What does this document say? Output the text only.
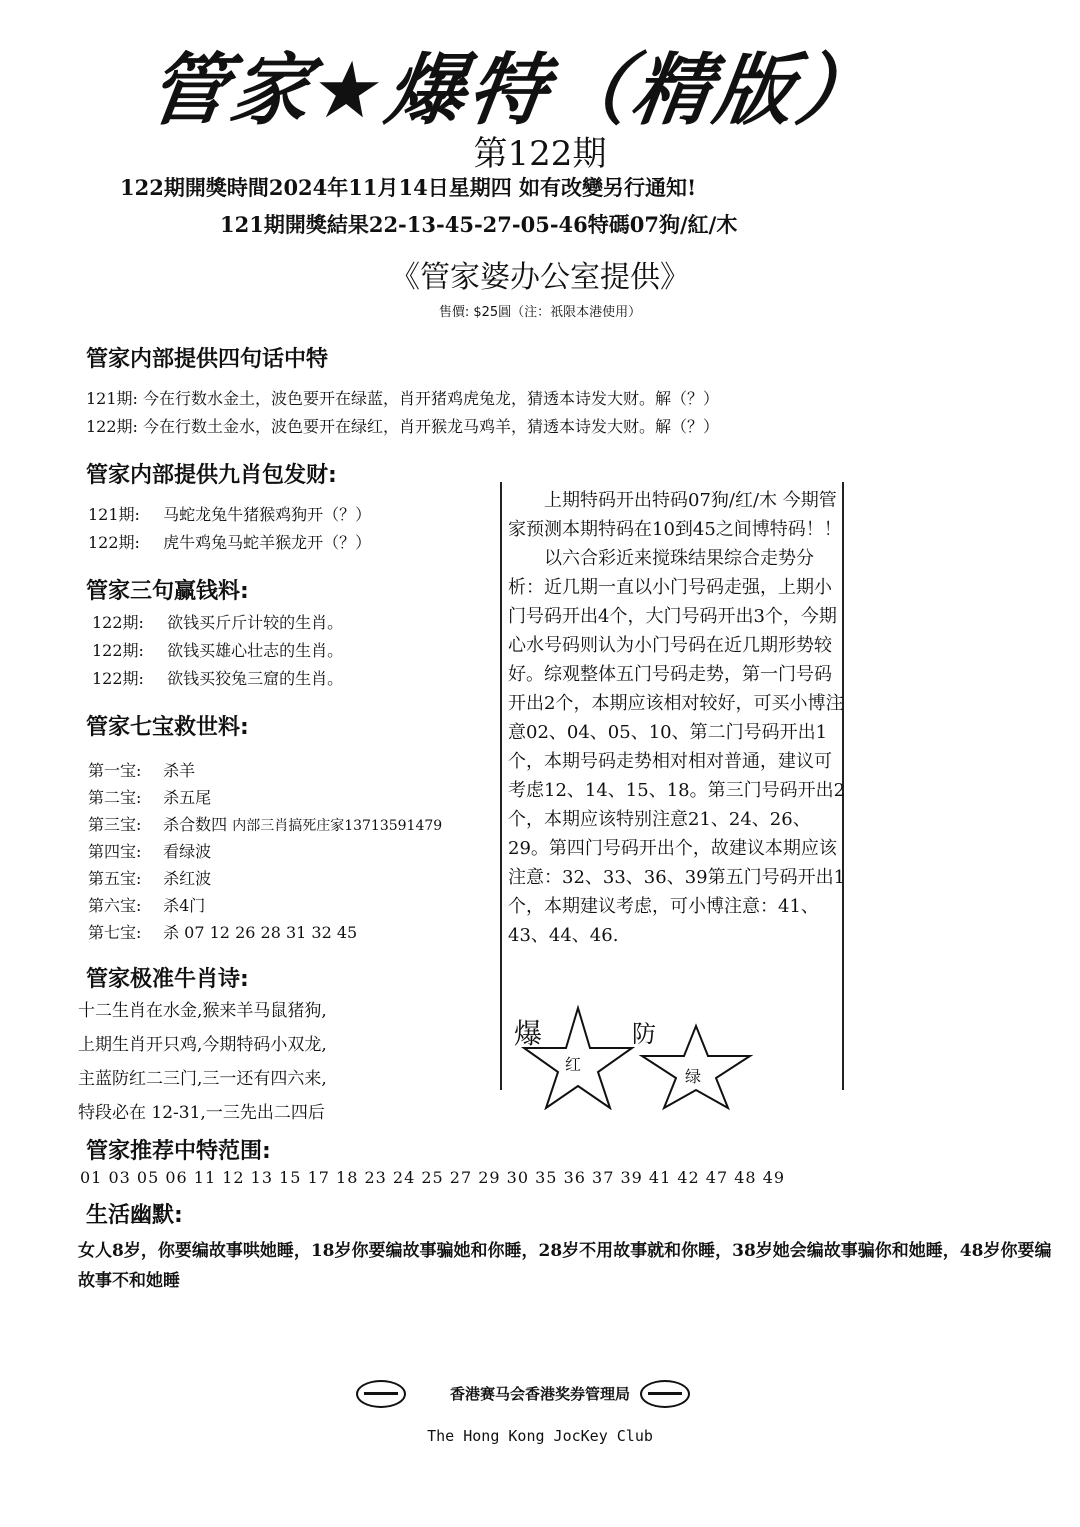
管家★爆特（精版）
第122期
122期開獎時間2024年11月14日星期四 如有改變另行通知!
121期開獎結果22-13-45-27-05-46特碼07狗/紅/木
《管家婆办公室提供》
售價: $25圓（注：祇限本港使用）
管家内部提供四句话中特
121期: 今在行数水金土，波色要开在绿蓝，肖开猪鸡虎兔龙，猜透本诗发大财。解（？）
122期: 今在行数土金水，波色要开在绿红，肖开猴龙马鸡羊，猜透本诗发大财。解（？）
管家内部提供九肖包发财:
121期: 马蛇龙兔牛猪猴鸡狗开（？）
122期: 虎牛鸡兔马蛇羊猴龙开（？）
管家三句赢钱料:
122期: 欲钱买斤斤计较的生肖。
122期: 欲钱买雄心壮志的生肖。
122期: 欲钱买狡兔三窟的生肖。
管家七宝救世料:
第一宝: 杀羊
第二宝: 杀五尾
第三宝: 杀合数四 内部三肖搞死庄家13713591479
第四宝: 看绿波
第五宝: 杀红波
第六宝: 杀4门
第七宝: 杀 07 12 26 28 31 32 45
管家极准牛肖诗:
十二生肖在水金,猴来羊马鼠猪狗,
上期生肖开只鸡,今期特码小双龙,
主蓝防红二三门,三一还有四六来,
特段必在 12-31,一三先出二四后

上期特码开出特码07狗/红/木 今期管家预测本期特码在10到45之间博特码！！

以六合彩近来搅珠结果综合走势分析：近几期一直以小门号码走强，上期小门号码开出4个，大门号码开出3个，今期心水号码则认为小门号码在近几期形势较好。综观整体五门号码走势，第一门号码开出2个，本期应该相对较好，可买小博注意02、04、05、10、第二门号码开出1个，本期号码走势相对相对普通，建议可考虑12、14、15、18。第三门号码开出2个，本期应该特别注意21、24、26、29。第四门号码开出个，故建议本期应该注意：32、33、36、39第五门号码开出1个，本期建议考虑，可小博注意：41、43、44、46.

爆
红
防
绿
管家推荐中特范围:
01 03 05 06 11 12 13 15 17 18 23 24 25 27 29 30 35 36 37 39 41 42 47 48 49
生活幽默:
女人8岁，你要编故事哄她睡，18岁你要编故事骗她和你睡，28岁不用故事就和你睡，38岁她会编故事骗你和她睡，48岁你要编故事不和她睡
香港赛马会香港奖券管理局
The Hong Kong JocKey Club
